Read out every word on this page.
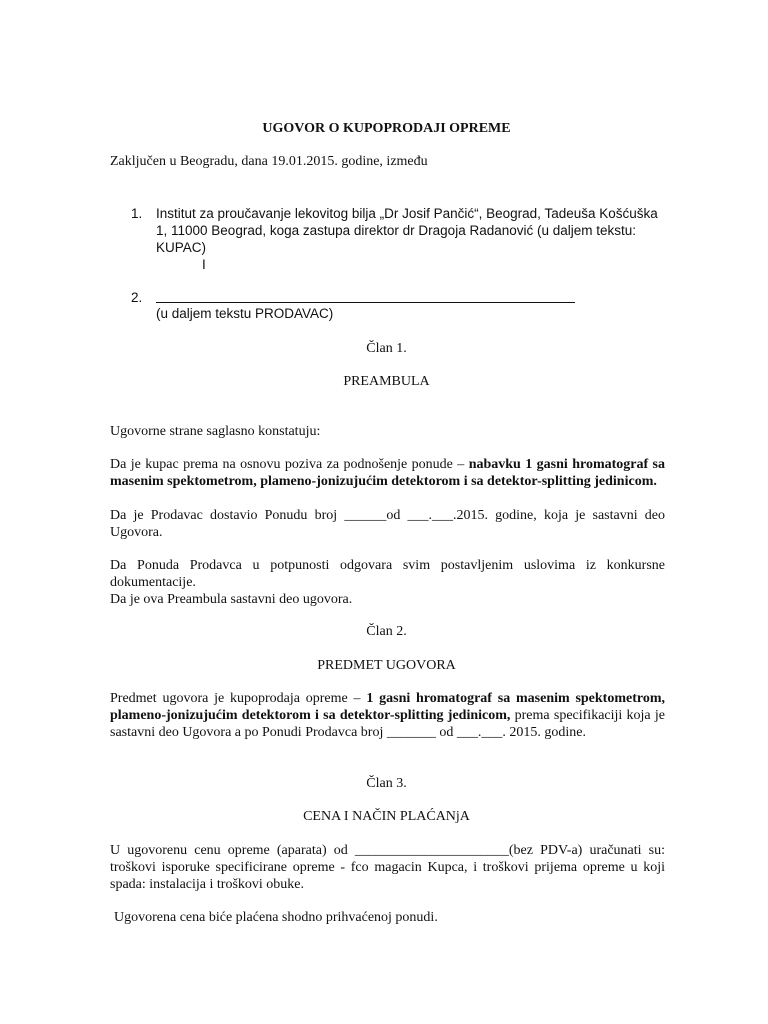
UGOVOR O KUPOPRODAJI OPREME
Zaključen u Beogradu, dana 19.01.2015. godine, između
1. Institut za proučavanje lekovitog bilja „Dr Josif Pančić“, Beograd, Tadeuša Košćuška 1, 11000 Beograd, koga zastupa direktor dr Dragoja Radanović (u daljem tekstu: KUPAC)
I
2.
(u daljem tekstu PRODAVAC)
Član 1.
PREAMBULA
Ugovorne strane saglasno konstatuju:
Da je kupac prema na osnovu poziva za podnošenje ponude – nabavku 1 gasni hromatograf sa masenim spektometrom, plameno-jonizujućim detektorom i sa detektor-splitting jedinicom.
Da je Prodavac dostavio Ponudu broj ______od ___.___.2015. godine, koja je sastavni deo Ugovora.
Da Ponuda Prodavca u potpunosti odgovara svim postavljenim uslovima iz konkursne dokumentacije.
Da je ova Preambula sastavni deo ugovora.
Član 2.
PREDMET UGOVORA
Predmet ugovora je kupoprodaja opreme – 1 gasni hromatograf sa masenim spektometrom, plameno-jonizujućim detektorom i sa detektor-splitting jedinicom, prema specifikaciji koja je sastavni deo Ugovora a po Ponudi Prodavca broj _______ od ___.___. 2015. godine.
Član 3.
CENA I NAČIN PLAĆANjA
U ugovorenu cenu opreme (aparata) od ______________________(bez PDV-a) uračunati su: troškovi isporuke specificirane opreme - fco magacin Kupca, i troškovi prijema opreme u koji spada: instalacija i troškovi obuke.
Ugovorena cena biće plaćena shodno prihvaćenoj ponudi.
